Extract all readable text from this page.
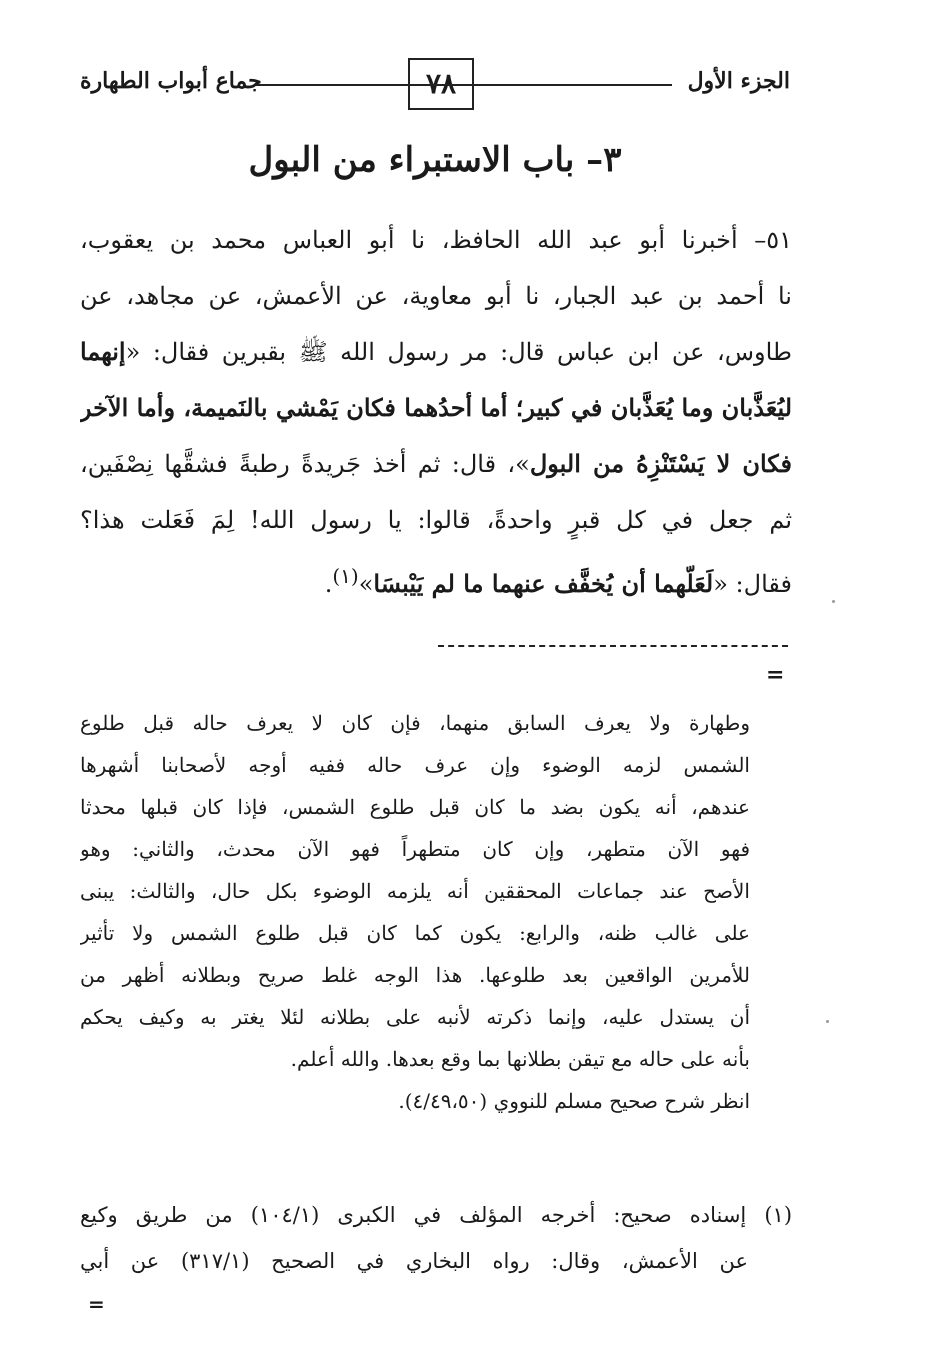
الجزء الأول
٧٨
جماع أبواب الطهارة
٣– باب الاستبراء من البول
٥١– أخبرنا أبو عبد الله الحافظ، نا أبو العباس محمد بن يعقوب،
نا أحمد بن عبد الجبار، نا أبو معاوية، عن الأعمش، عن مجاهد، عن
طاوس، عن ابن عباس قال: مر رسول الله ﷺ بقبرين فقال: «إنهما
ليُعَذَّبان وما يُعَذَّبان في كبير؛ أما أحدُهما فكان يَمْشي بالنَميمة، وأما الآخر
فكان لا يَسْتَنْزِهُ من البول»، قال: ثم أخذ جَريدةً رطبةً فشقَّها نِصْفَين،
ثم جعل في كل قبرٍ واحدةً، قالوا: يا رسول الله! لِمَ فَعَلت هذا؟
فقال: «لَعَلّهما أن يُخفَّف عنهما ما لم يَيْبسَا»$^{(١)}$.
=
وطهارة ولا يعرف السابق منهما، فإن كان لا يعرف حاله قبل طلوع
الشمس لزمه الوضوء وإن عرف حاله ففيه أوجه لأصحابنا أشهرها
عندهم، أنه يكون بضد ما كان قبل طلوع الشمس، فإذا كان قبلها محدثا
فهو الآن متطهر، وإن كان متطهراً فهو الآن محدث، والثاني: وهو
الأصح عند جماعات المحققين أنه يلزمه الوضوء بكل حال، والثالث: يبنى
على غالب ظنه، والرابع: يكون كما كان قبل طلوع الشمس ولا تأثير
للأمرين الواقعين بعد طلوعها. هذا الوجه غلط صريح وبطلانه أظهر من
أن يستدل عليه، وإنما ذكرته لأنبه على بطلانه لئلا يغتر به وكيف يحكم
بأنه على حاله مع تيقن بطلانها بما وقع بعدها. والله أعلم.
انظر شرح صحيح مسلم للنووي (٤/٤٩،٥٠).
(١) إسناده صحيح: أخرجه المؤلف في الكبرى (١٠٤/١) من طريق وكيع
عن الأعمش، وقال: رواه البخاري في الصحيح (٣١٧/١) عن أبي
=
